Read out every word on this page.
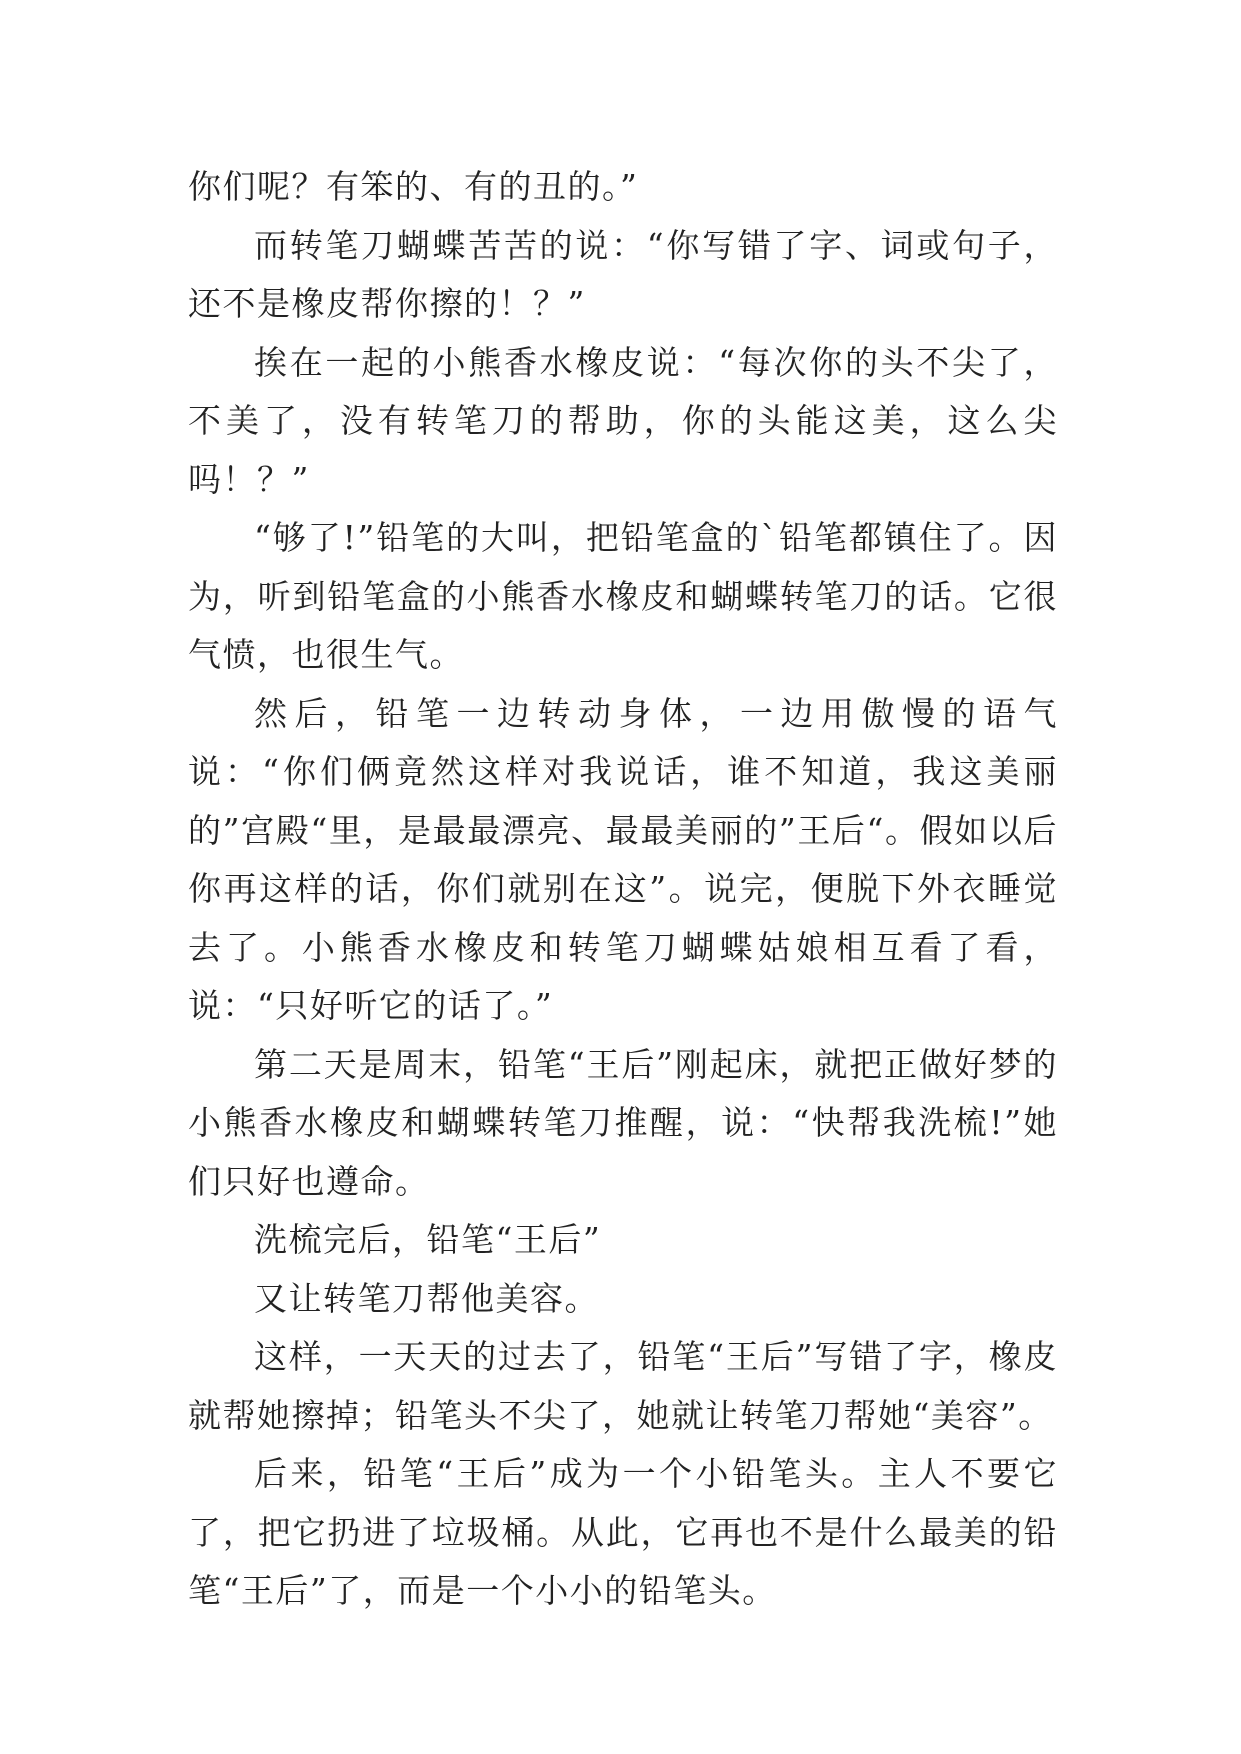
你们呢？有笨的、有的丑的。”

而转笔刀蝴蝶苦苦的说：“你写错了字、词或句子，还不是橡皮帮你擦的！？”

挨在一起的小熊香水橡皮说：“每次你的头不尖了，不美了，没有转笔刀的帮助，你的头能这美，这么尖吗！？”

“够了!”铅笔的大叫，把铅笔盒的`铅笔都镇住了。因为，听到铅笔盒的小熊香水橡皮和蝴蝶转笔刀的话。它很气愤，也很生气。

然后，铅笔一边转动身体，一边用傲慢的语气说：“你们俩竟然这样对我说话，谁不知道，我这美丽的”宫殿“里，是最最漂亮、最最美丽的”王后“。假如以后你再这样的话，你们就别在这”。说完，便脱下外衣睡觉去了。小熊香水橡皮和转笔刀蝴蝶姑娘相互看了看，说：“只好听它的话了。”

第二天是周末，铅笔“王后”刚起床，就把正做好梦的小熊香水橡皮和蝴蝶转笔刀推醒，说：“快帮我洗梳!”她们只好也遵命。

洗梳完后，铅笔“王后”

又让转笔刀帮他美容。

这样，一天天的过去了，铅笔“王后”写错了字，橡皮就帮她擦掉；铅笔头不尖了，她就让转笔刀帮她“美容”。

后来，铅笔“王后”成为一个小铅笔头。主人不要它了，把它扔进了垃圾桶。从此，它再也不是什么最美的铅笔“王后”了，而是一个小小的铅笔头。
